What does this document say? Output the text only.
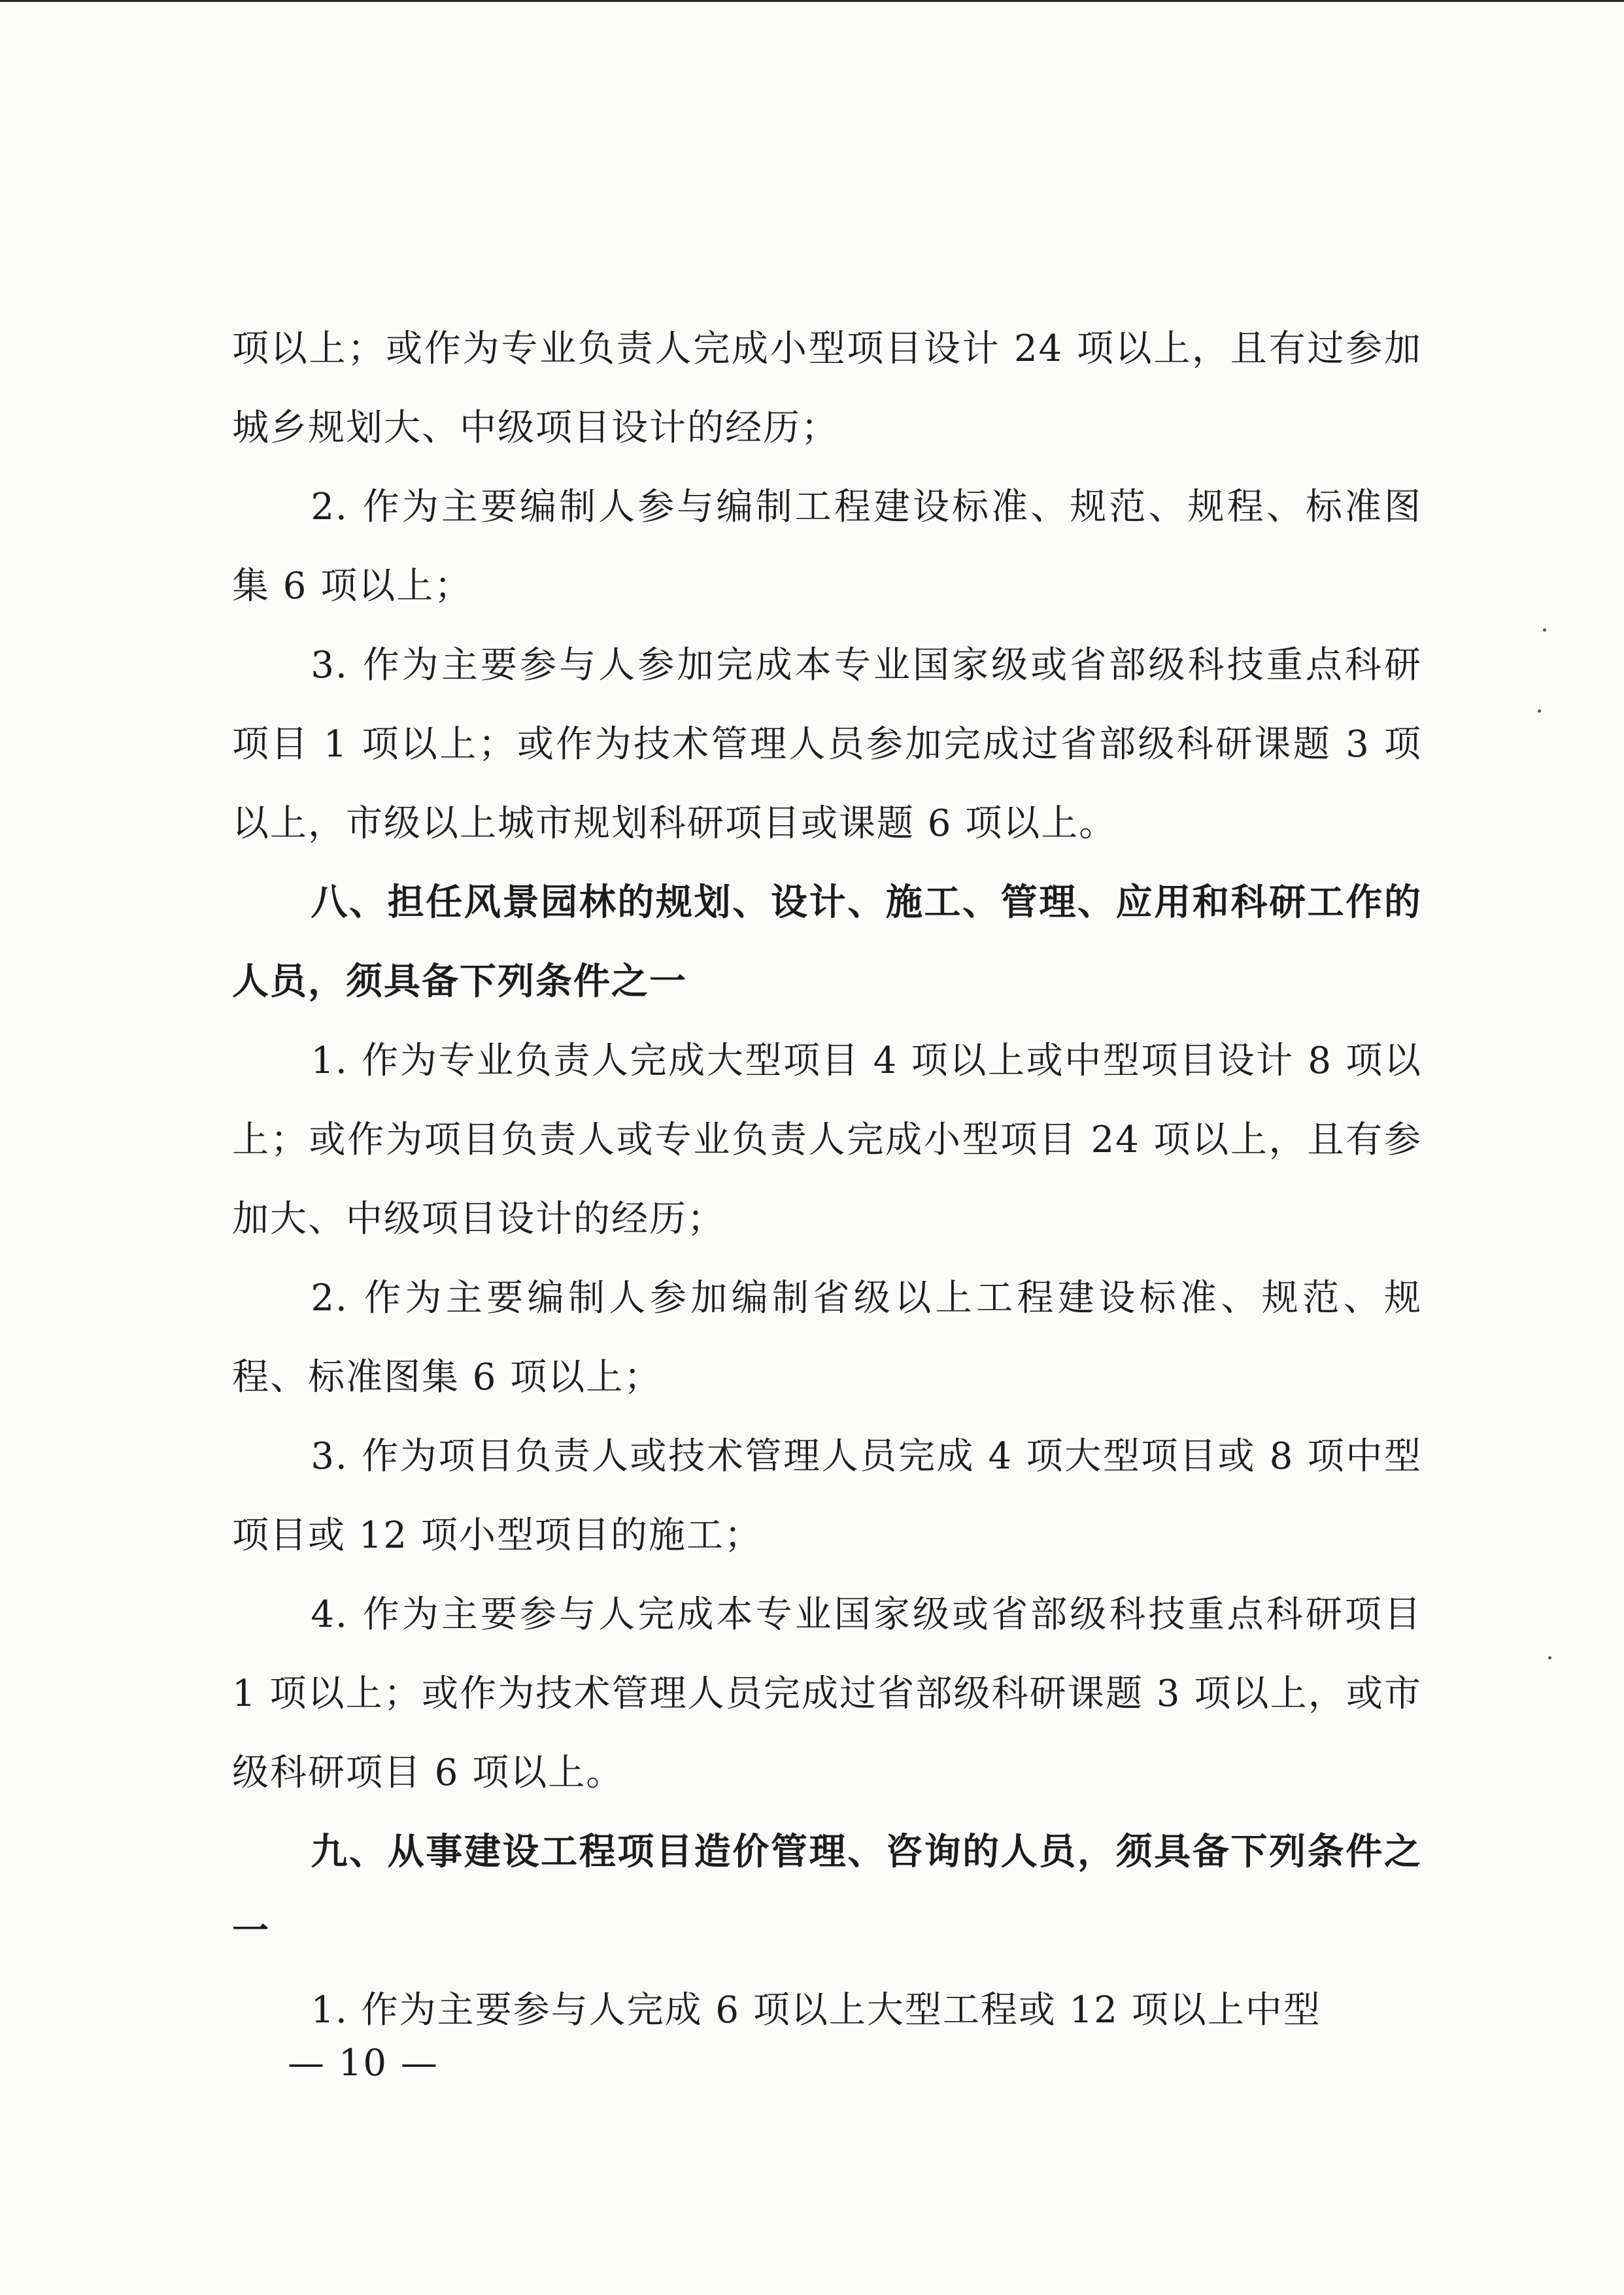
项以上；或作为专业负责人完成小型项目设计 24 项以上，且有过参加城乡规划大、中级项目设计的经历；

2. 作为主要编制人参与编制工程建设标准、规范、规程、标准图集 6 项以上；

3. 作为主要参与人参加完成本专业国家级或省部级科技重点科研项目 1 项以上；或作为技术管理人员参加完成过省部级科研课题 3 项以上，市级以上城市规划科研项目或课题 6 项以上。

八、担任风景园林的规划、设计、施工、管理、应用和科研工作的人员，须具备下列条件之一

1. 作为专业负责人完成大型项目 4 项以上或中型项目设计 8 项以上；或作为项目负责人或专业负责人完成小型项目 24 项以上，且有参加大、中级项目设计的经历；

2. 作为主要编制人参加编制省级以上工程建设标准、规范、规程、标准图集 6 项以上；

3. 作为项目负责人或技术管理人员完成 4 项大型项目或 8 项中型项目或 12 项小型项目的施工；

4. 作为主要参与人完成本专业国家级或省部级科技重点科研项目 1 项以上；或作为技术管理人员完成过省部级科研课题 3 项以上，或市级科研项目 6 项以上。

九、从事建设工程项目造价管理、咨询的人员，须具备下列条件之一

1. 作为主要参与人完成 6 项以上大型工程或 12 项以上中型

— 10 —
